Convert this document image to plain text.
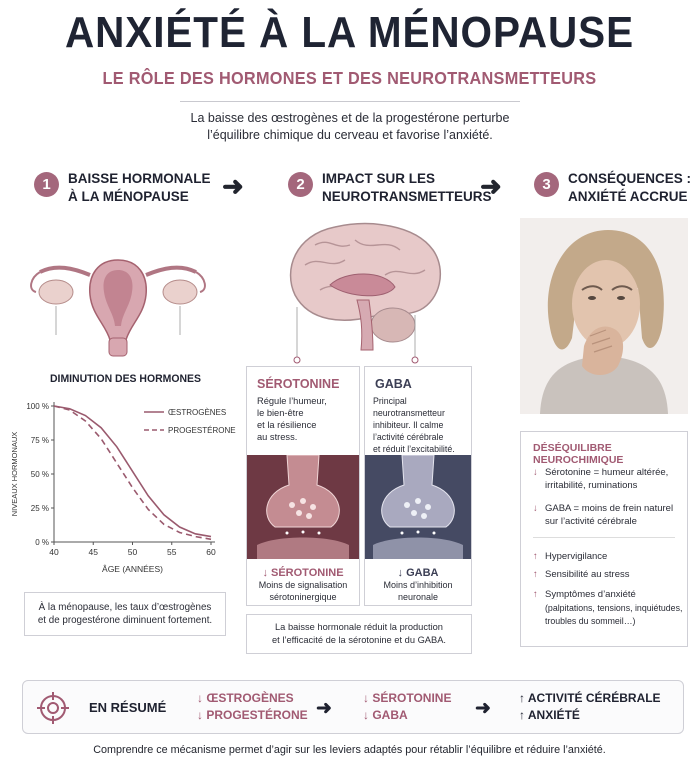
ANXIÉTÉ À LA MÉNOPAUSE
LE RÔLE DES HORMONES ET DES NEUROTRANSMETTEURS
La baisse des œstrogènes et de la progestérone perturbe
l’équilibre chimique du cerveau et favorise l’anxiété.
1	BAISSE HORMONALE
À LA MÉNOPAUSE	➜	2	IMPACT SUR LES
NEUROTRANSMETTEURS
➜	3	CONSÉQUENCES :
ANXIÉTÉ ACCRUE
DIMINUTION DES HORMONES
0 %
25 %
50 %
75 %
100 %
40	45	50	55	60
ÂGE (ANNÉES)
NIVEAUX HORMONAUX
ŒSTROGÈNES
PROGESTÉRONE
À la ménopause, les taux d’œstrogènes
et de progestérone diminuent fortement.
SÉROTONINE
Régule l’humeur,
le bien-être
et la résilience
au stress.
↓ SÉROTONINE
Moins de signalisation
sérotoninergique
GABA
Principal neurotransmetteur
inhibiteur. Il calme
l’activité cérébrale
et réduit l’excitabilité.
↓ GABA
Moins d’inhibition
neuronale
La baisse hormonale réduit la production
et l’efficacité de la sérotonine et du GABA.
DÉSÉQUILIBRE NEUROCHIMIQUE
↓ Sérotonine = humeur altérée,
irritabilité, ruminations
↓ GABA = moins de frein naturel
sur l’activité cérébrale
↑ Hypervigilance
↑ Sensibilité au stress
↑ Symptômes d’anxiété
(palpitations, tensions, inquiétudes,
troubles du sommeil…)
EN RÉSUMÉ
↓ ŒSTROGÈNES
↓ PROGESTÉRONE ➜	↓ SÉROTONINE
↓ GABA	➜ ↑ ACTIVITÉ CÉRÉBRALE
↑ ANXIÉTÉ
Comprendre ce mécanisme permet d’agir sur les leviers adaptés pour rétablir l’équilibre et réduire l’anxiété.
